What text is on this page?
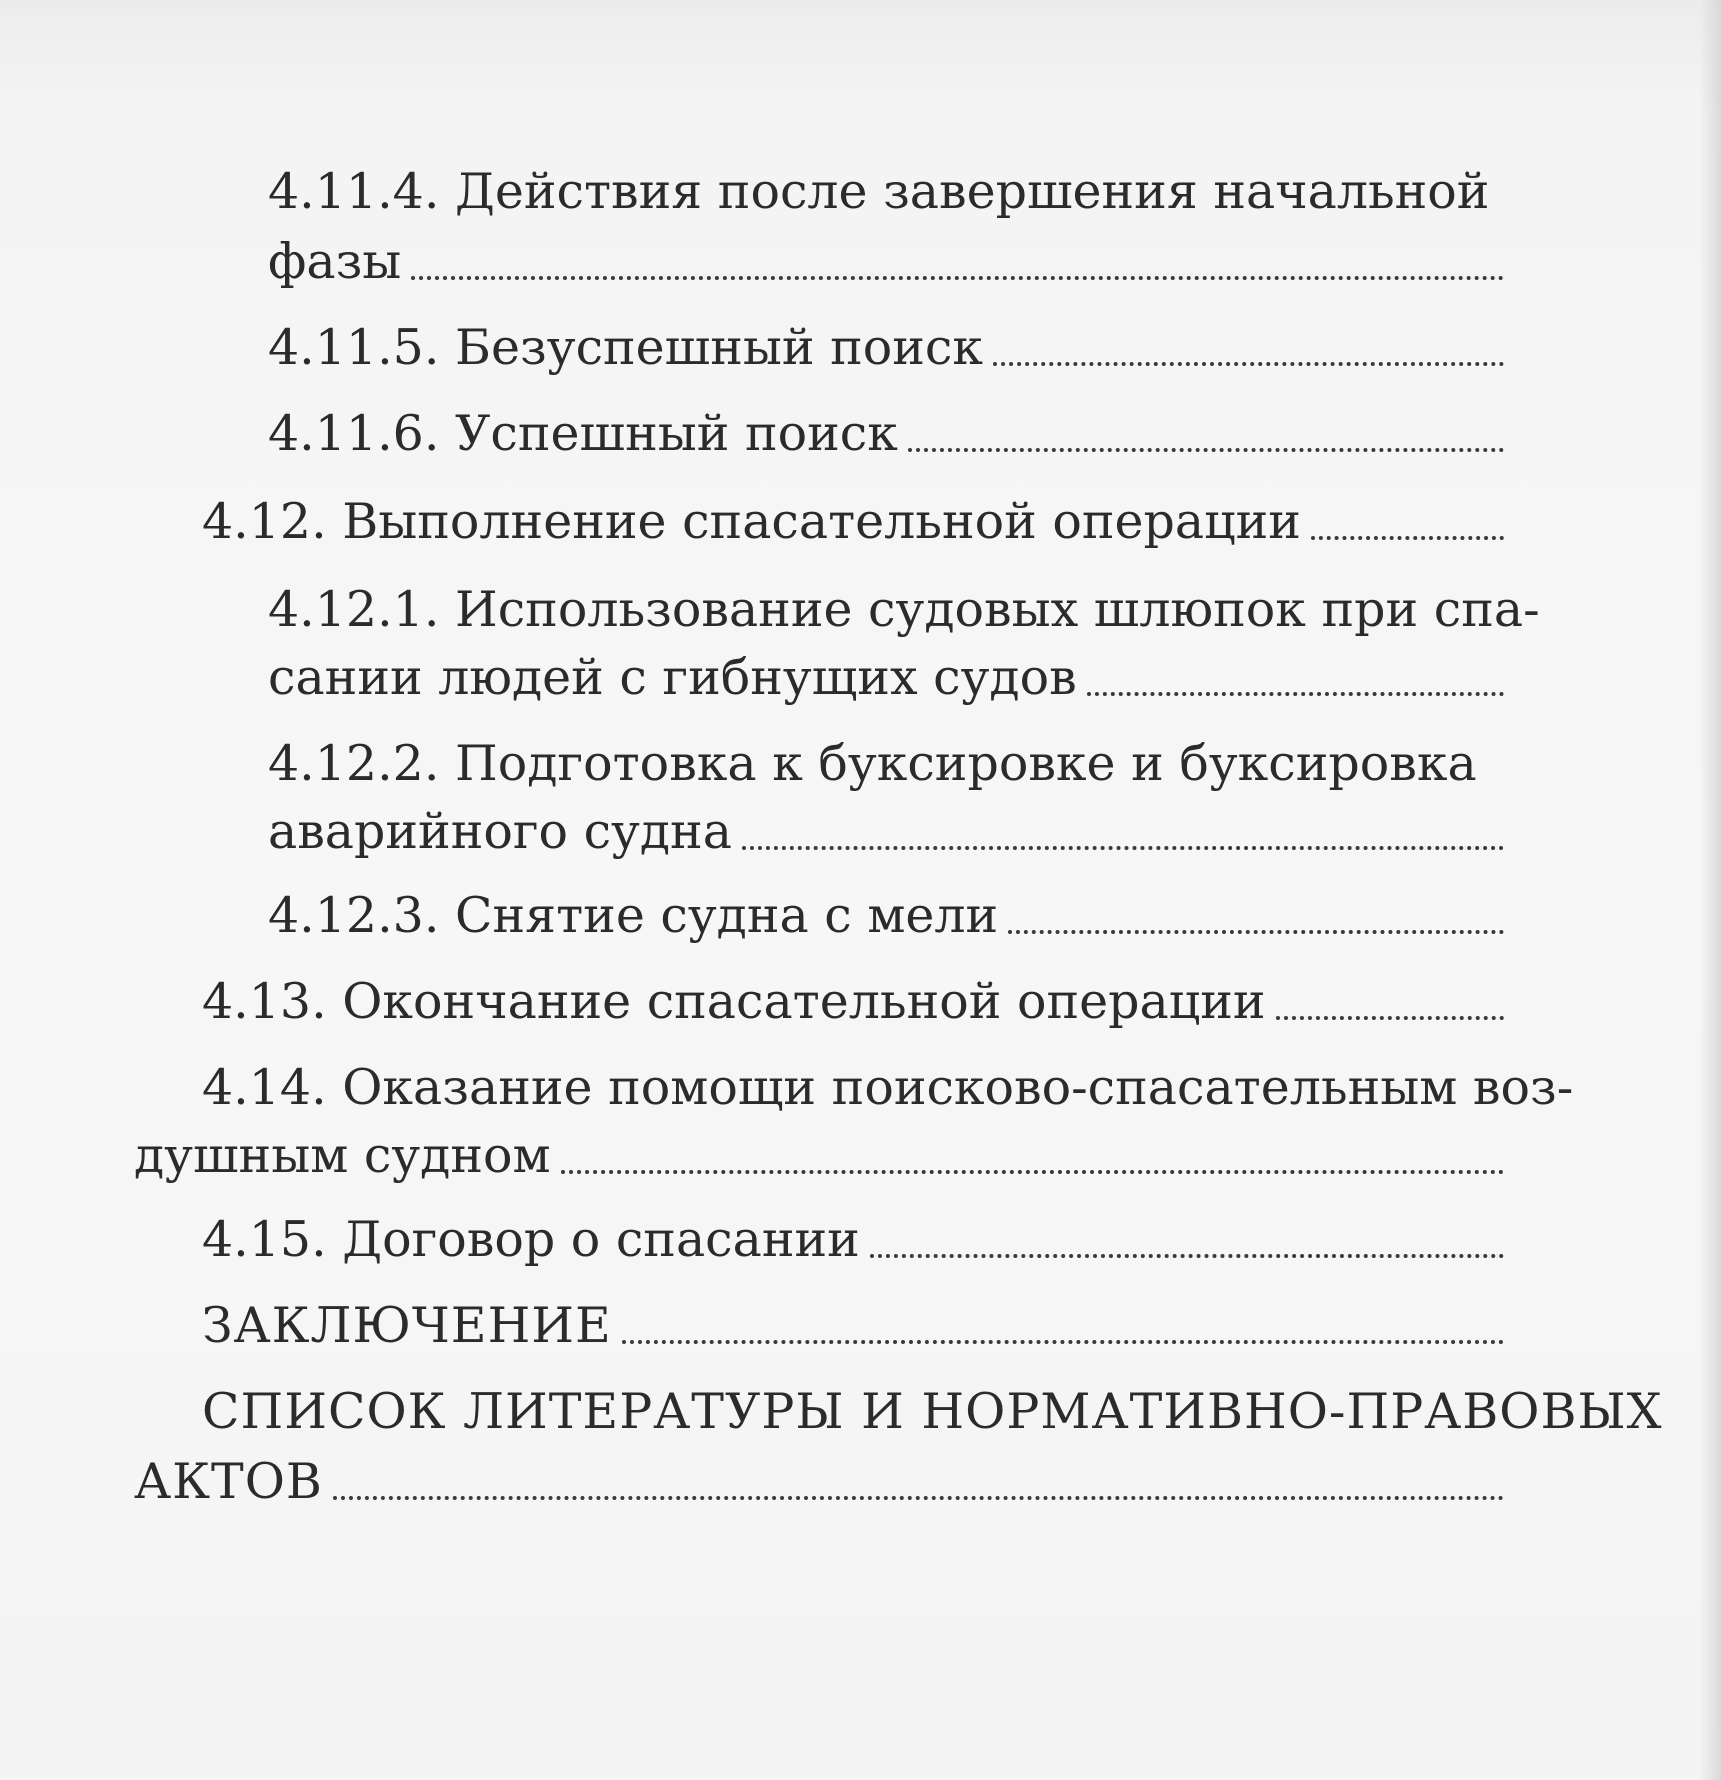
4.11.4. Действия после завершения начальной
фазы
4.11.5. Безуспешный поиск
4.11.6. Успешный поиск
4.12. Выполнение спасательной операции
4.12.1. Использование судовых шлюпок при спа-
сании людей с гибнущих судов
4.12.2. Подготовка к буксировке и буксировка
аварийного судна
4.12.3. Снятие судна с мели
4.13. Окончание спасательной операции
4.14. Оказание помощи поисково-спасательным воз-
душным судном
4.15. Договор о спасании
ЗАКЛЮЧЕНИЕ
СПИСОК ЛИТЕРАТУРЫ И НОРМАТИВНО-ПРАВОВЫХ
АКТОВ
